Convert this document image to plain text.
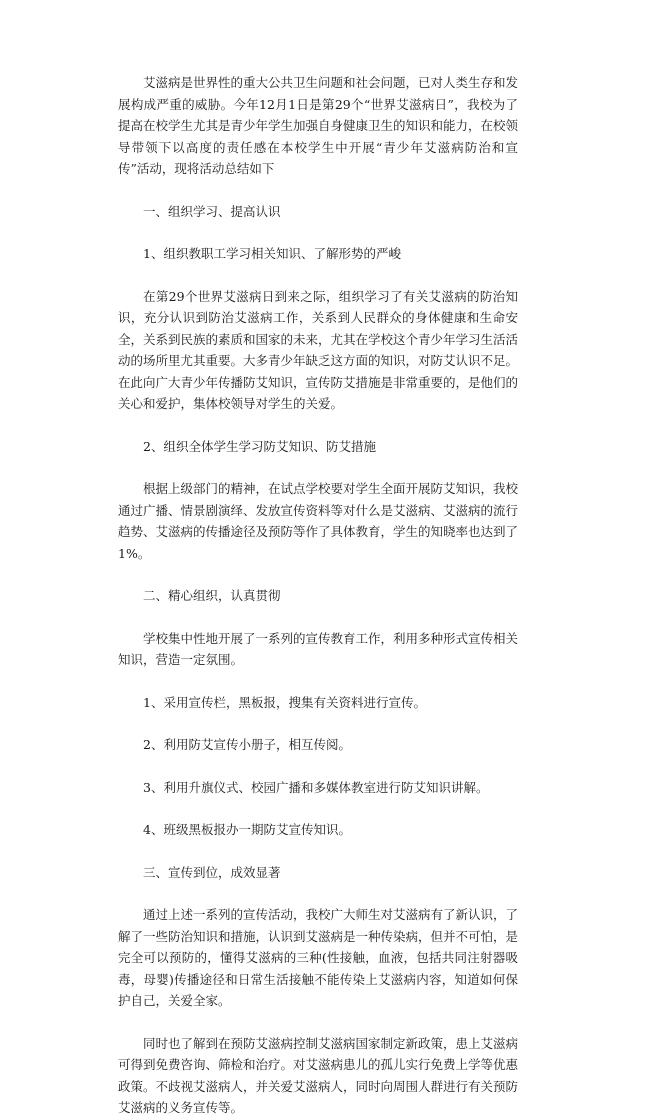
艾滋病是世界性的重大公共卫生问题和社会问题，已对人类生存和发展构成严重的威胁。今年12月1日是第29个“世界艾滋病日”，我校为了提高在校学生尤其是青少年学生加强自身健康卫生的知识和能力，在校领导带领下以高度的责任感在本校学生中开展“青少年艾滋病防治和宣传”活动，现将活动总结如下

一、组织学习、提高认识

1、组织教职工学习相关知识、了解形势的严峻

在第29个世界艾滋病日到来之际，组织学习了有关艾滋病的防治知识，充分认识到防治艾滋病工作，关系到人民群众的身体健康和生命安全，关系到民族的素质和国家的未来，尤其在学校这个青少年学习生活活动的场所里尤其重要。大多青少年缺乏这方面的知识，对防艾认识不足。在此向广大青少年传播防艾知识，宣传防艾措施是非常重要的，是他们的关心和爱护，集体校领导对学生的关爱。

2、组织全体学生学习防艾知识、防艾措施

根据上级部门的精神，在试点学校要对学生全面开展防艾知识，我校通过广播、情景剧演绎、发放宣传资料等对什么是艾滋病、艾滋病的流行趋势、艾滋病的传播途径及预防等作了具体教育，学生的知晓率也达到了1%。

二、精心组织，认真贯彻

学校集中性地开展了一系列的宣传教育工作，利用多种形式宣传相关知识，营造一定氛围。

1、采用宣传栏，黑板报，搜集有关资料进行宣传。

2、利用防艾宣传小册子，相互传阅。

3、利用升旗仪式、校园广播和多媒体教室进行防艾知识讲解。

4、班级黑板报办一期防艾宣传知识。

三、宣传到位，成效显著

通过上述一系列的宣传活动，我校广大师生对艾滋病有了新认识，了解了一些防治知识和措施，认识到艾滋病是一种传染病，但并不可怕，是完全可以预防的，懂得艾滋病的三种(性接触，血液，包括共同注射器吸毒，母婴)传播途径和日常生活接触不能传染上艾滋病内容，知道如何保护自己，关爱全家。

同时也了解到在预防艾滋病控制艾滋病国家制定新政策，患上艾滋病可得到免费咨询、筛检和治疗。对艾滋病患儿的孤儿实行免费上学等优惠政策。不歧视艾滋病人，并关爱艾滋病人，同时向周围人群进行有关预防艾滋病的义务宣传等。
